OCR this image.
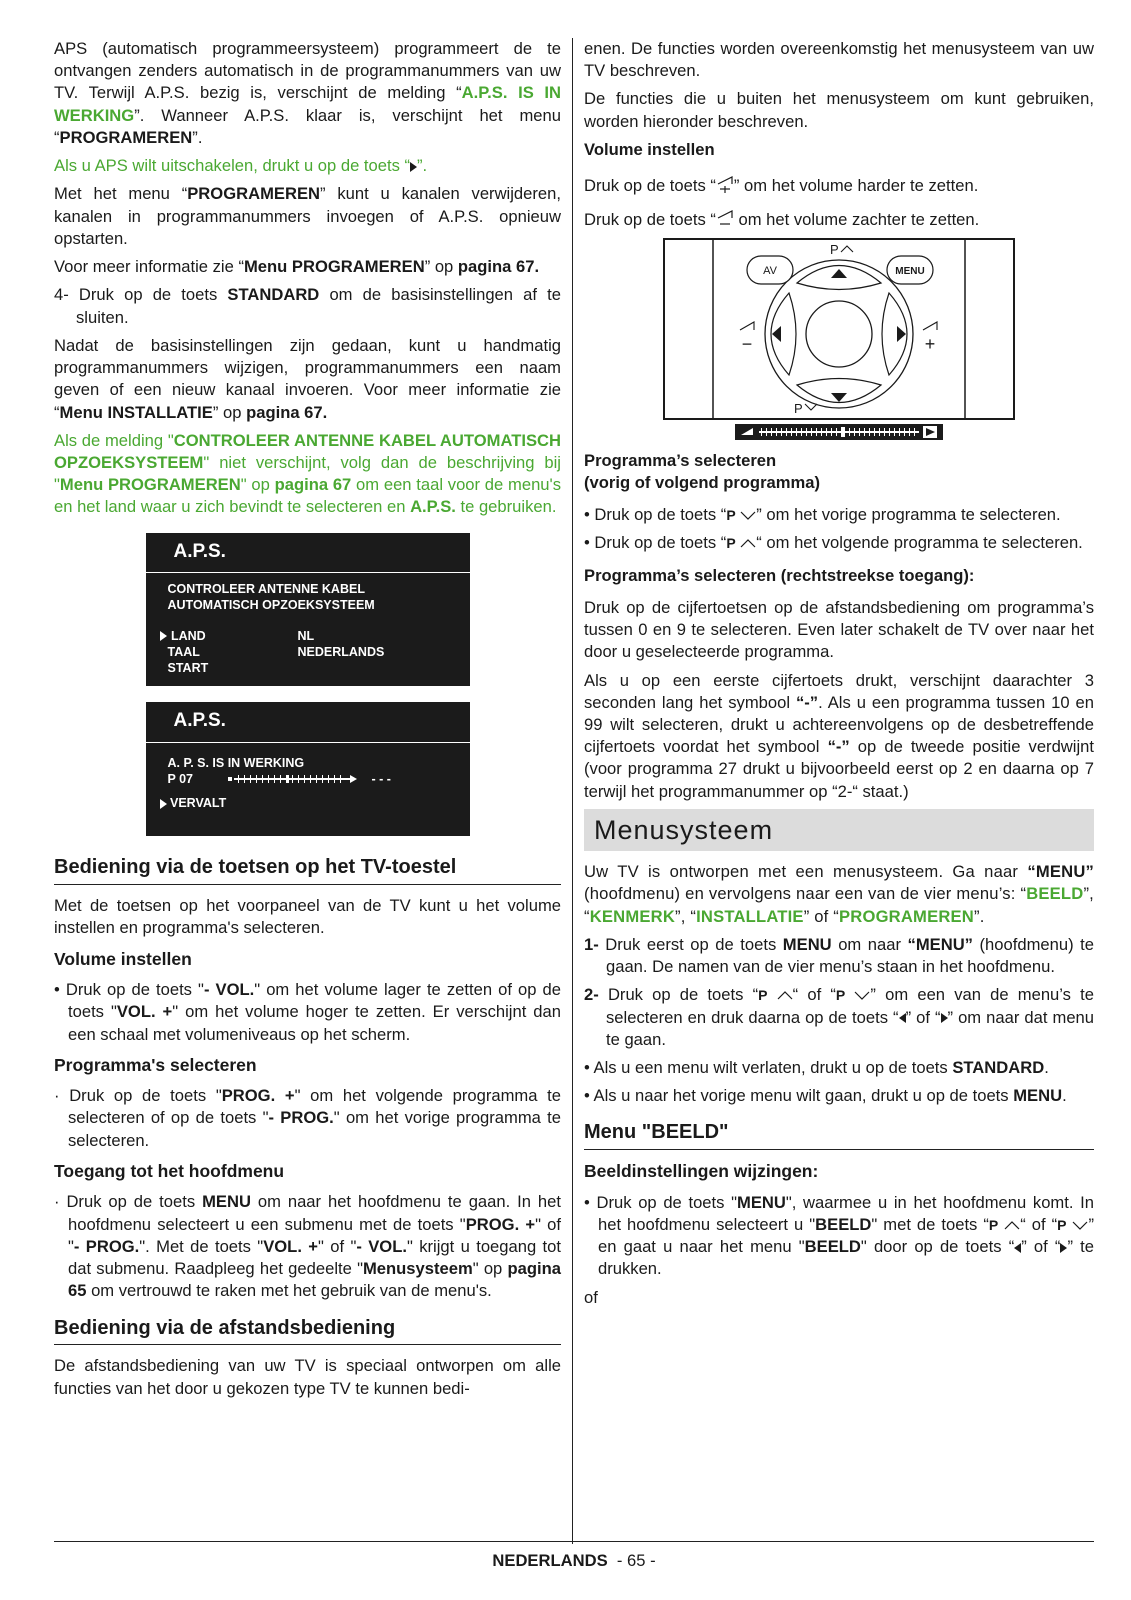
APS (automatisch programmeersysteem) programmeert de te ontvangen zenders automatisch in de programmanummers van uw TV. Terwijl A.P.S. bezig is, verschijnt de melding “A.P.S. IS IN WERKING”. Wanneer A.P.S. klaar is, verschijnt het menu “PROGRAMEREN”.

Als u APS wilt uitschakelen, drukt u op de toets “ ”.

Met het menu “PROGRAMEREN” kunt u kanalen verwijderen, kanalen in programmanummers invoegen of A.P.S. opnieuw opstarten.

Voor meer informatie zie “Menu PROGRAMEREN” op pagina 67.

4- Druk op de toets STANDARD om de basisinstellingen af te sluiten.

Nadat de basisinstellingen zijn gedaan, kunt u handmatig programmanummers wijzigen, programmanummers een naam geven of een nieuw kanaal invoeren. Voor meer informatie zie “Menu INSTALLATIE” op pagina 67.

Als de melding "CONTROLEER ANTENNE KABEL AUTOMATISCH OPZOEKSYSTEEM" niet verschijnt, volg dan de beschrijving bij "Menu PROGRAMEREN" op pagina 67 om een taal voor de menu's en het land waar u zich bevindt te selecteren en A.P.S. te gebruiken.

A.P.S.
CONTROLEER ANTENNE KABEL
AUTOMATISCH OPZOEKSYSTEEM
LAND	NL
TAAL	NEDERLANDS
START
A.P.S.
A. P. S. IS IN WERKING
P 07	- - -
VERVALT
Bediening via de toetsen op het TV-toestel

Met de toetsen op het voorpaneel van de TV kunt u het volume instellen en programma's selecteren.

Volume instellen

• Druk op de toets "- VOL." om het volume lager te zetten of op de toets "VOL. +" om het volume hoger te zetten. Er verschijnt dan een schaal met volumeniveaus op het scherm.

Programma's selecteren

· Druk op de toets "PROG. +" om het volgende programma te selecteren of op de toets "- PROG." om het vorige programma te selecteren.

Toegang tot het hoofdmenu

· Druk op de toets MENU om naar het hoofdmenu te gaan. In het hoofdmenu selecteert u een submenu met de toets "PROG. +" of "- PROG.". Met de toets "VOL. +" of "- VOL." krijgt u toegang tot dat submenu. Raadpleeg het gedeelte "Menusysteem" op pagina 65 om vertrouwd te raken met het gebruik van de menu's.

Bediening via de afstandsbediening

De afstandsbediening van uw TV is speciaal ontworpen om alle functies van het door u gekozen type TV te kunnen bedi-

enen. De functies worden overeenkomstig het menusysteem van uw TV beschreven.

De functies die u buiten het menusysteem om kunt gebruiken, worden hieronder beschreven.

Volume instellen

Druk op de toets “ ” om het volume harder te zetten.

Druk op de toets “ om het volume zachter te zetten.

AV	MENU
P
P
−	+
Programma’s selecteren
(vorig of volgend programma)

• Druk op de toets “P ” om het vorige programma te selecteren.

• Druk op de toets “P “ om het volgende programma te selecteren.

Programma’s selecteren (rechtstreekse toegang):

Druk op de cijfertoetsen op de afstandsbediening om programma’s tussen 0 en 9 te selecteren. Even later schakelt de TV over naar het door u geselecteerde programma.

Als u op een eerste cijfertoets drukt, verschijnt daarachter 3 seconden lang het symbool “-”. Als u een programma tussen 10 en 99 wilt selecteren, drukt u achtereenvolgens op de desbetreffende cijfertoets voordat het symbool “-” op de tweede positie verdwijnt (voor programma 27 drukt u bijvoorbeeld eerst op 2 en daarna op 7 terwijl het programmanummer op “2-“ staat.)

Menusysteem

Uw TV is ontworpen met een menusysteem. Ga naar “MENU” (hoofdmenu) en vervolgens naar een van de vier menu’s: “BEELD”, “KENMERK”, “INSTALLATIE” of “PROGRAMEREN”.

1- Druk eerst op de toets MENU om naar “MENU” (hoofdmenu) te gaan. De namen van de vier menu’s staan in het hoofdmenu.

2- Druk op de toets “P “ of “P ” om een van de menu’s te selecteren en druk daarna op de toets “ ” of “ ” om naar dat menu te gaan.

• Als u een menu wilt verlaten, drukt u op de toets STANDARD.

• Als u naar het vorige menu wilt gaan, drukt u op de toets MENU.

Menu "BEELD"
Beeldinstellingen wijzingen:

• Druk op de toets "MENU", waarmee u in het hoofdmenu komt. In het hoofdmenu selecteert u "BEELD" met de toets “P “ of “P ” en gaat u naar het menu "BEELD" door op de toets “ ” of “ ” te drukken.

of

NEDERLANDS - 65 -
